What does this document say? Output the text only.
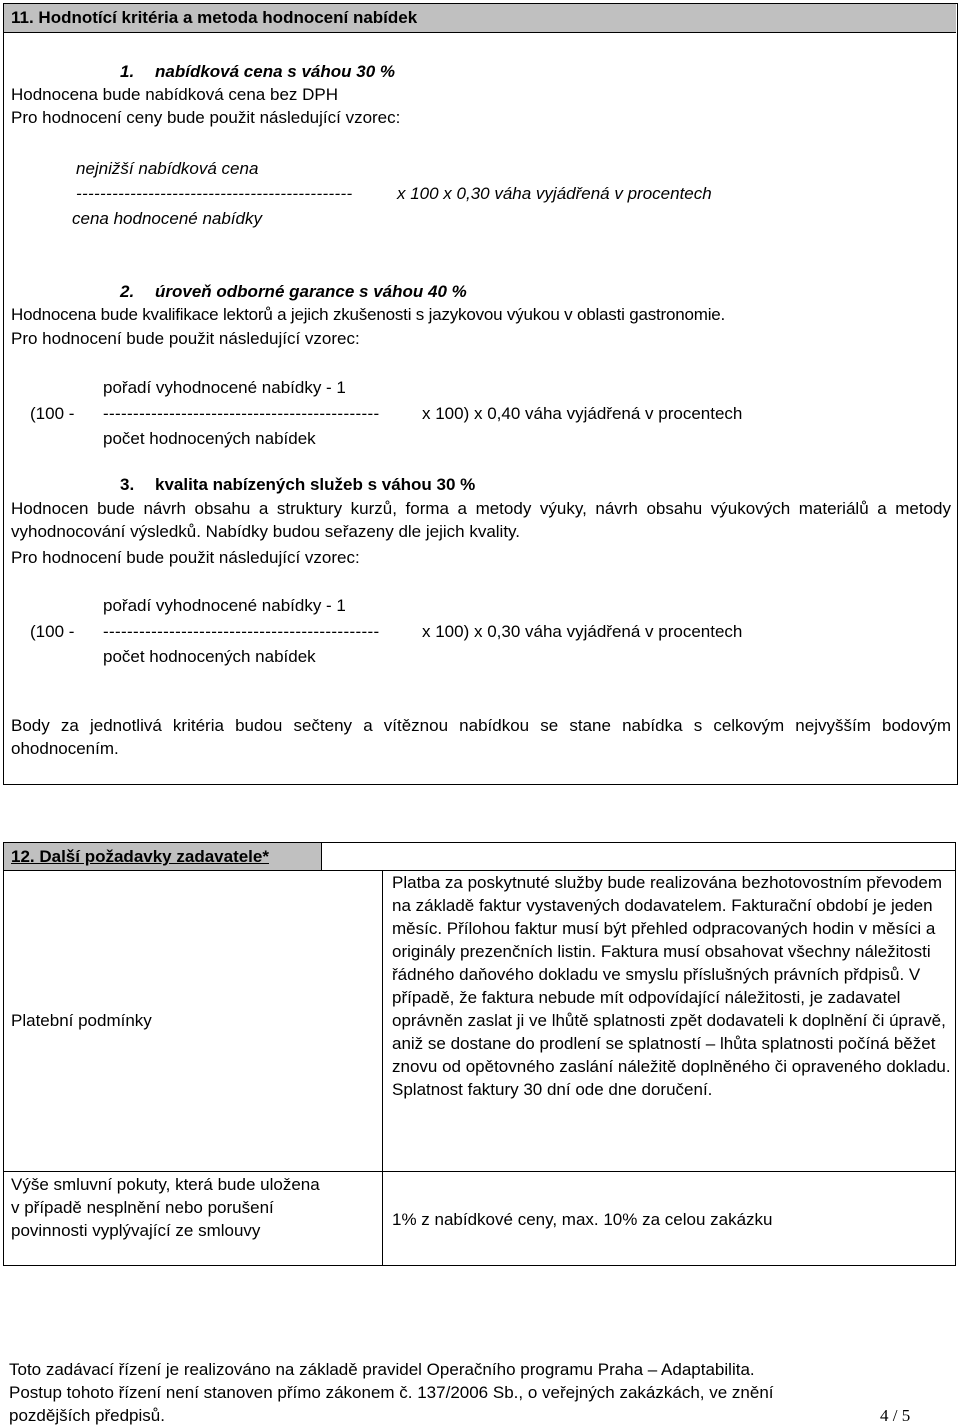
11. Hodnotící kritéria a metoda hodnocení nabídek
1. nabídková cena s váhou 30 %
Hodnocena bude nabídková cena bez DPH
Pro hodnocení ceny bude použit následující vzorec:
nejnižší nabídková cena
----------------------------------------------	x 100 x 0,30 váha vyjádřená v procentech
cena hodnocené nabídky
2. úroveň odborné garance s váhou 40 %
Hodnocena bude kvalifikace lektorů a jejich zkušenosti s jazykovou výukou v oblasti gastronomie.
Pro hodnocení bude použit následující vzorec:
pořadí vyhodnocené nabídky - 1
(100 - ---------------------------------------------- x 100) x 0,40 váha vyjádřená v procentech
počet hodnocených nabídek
3. kvalita nabízených služeb s váhou 30 %
Hodnocen bude návrh obsahu a struktury kurzů, forma a metody výuky, návrh obsahu výukových materiálů a metody vyhodnocování výsledků. Nabídky budou seřazeny dle jejich kvality.
Pro hodnocení bude použit následující vzorec:
pořadí vyhodnocené nabídky - 1
(100 - ---------------------------------------------- x 100) x 0,30 váha vyjádřená v procentech
počet hodnocených nabídek
Body za jednotlivá kritéria budou sečteny a vítěznou nabídkou se stane nabídka s celkovým nejvyšším bodovým ohodnocením.
12. Další požadavky zadavatele*
Platební podmínky
Platba za poskytnuté služby bude realizována bezhotovostním převodem na základě faktur vystavených dodavatelem. Fakturační období je jeden měsíc. Přílohou faktur musí být přehled odpracovaných hodin v měsíci a originály prezenčních listin. Faktura musí obsahovat všechny náležitosti řádného daňového dokladu ve smyslu příslušných právních přdpisů. V případě, že faktura nebude mít odpovídající náležitosti, je zadavatel oprávněn zaslat ji ve lhůtě splatnosti zpět dodavateli k doplnění či úpravě, aniž se dostane do prodlení se splatností – lhůta splatnosti počíná běžet znovu od opětovného zaslání náležitě doplněného či opraveného dokladu. Splatnost faktury 30 dní ode dne doručení.
Výše smluvní pokuty, která bude uložena v případě nesplnění nebo porušení povinnosti vyplývající ze smlouvy
1% z nabídkové ceny, max. 10% za celou zakázku
Toto zadávací řízení je realizováno na základě pravidel Operačního programu Praha – Adaptabilita.
Postup tohoto řízení není stanoven přímo zákonem č. 137/2006 Sb., o veřejných zakázkách, ve znění
pozdějších předpisů.	4 / 5
